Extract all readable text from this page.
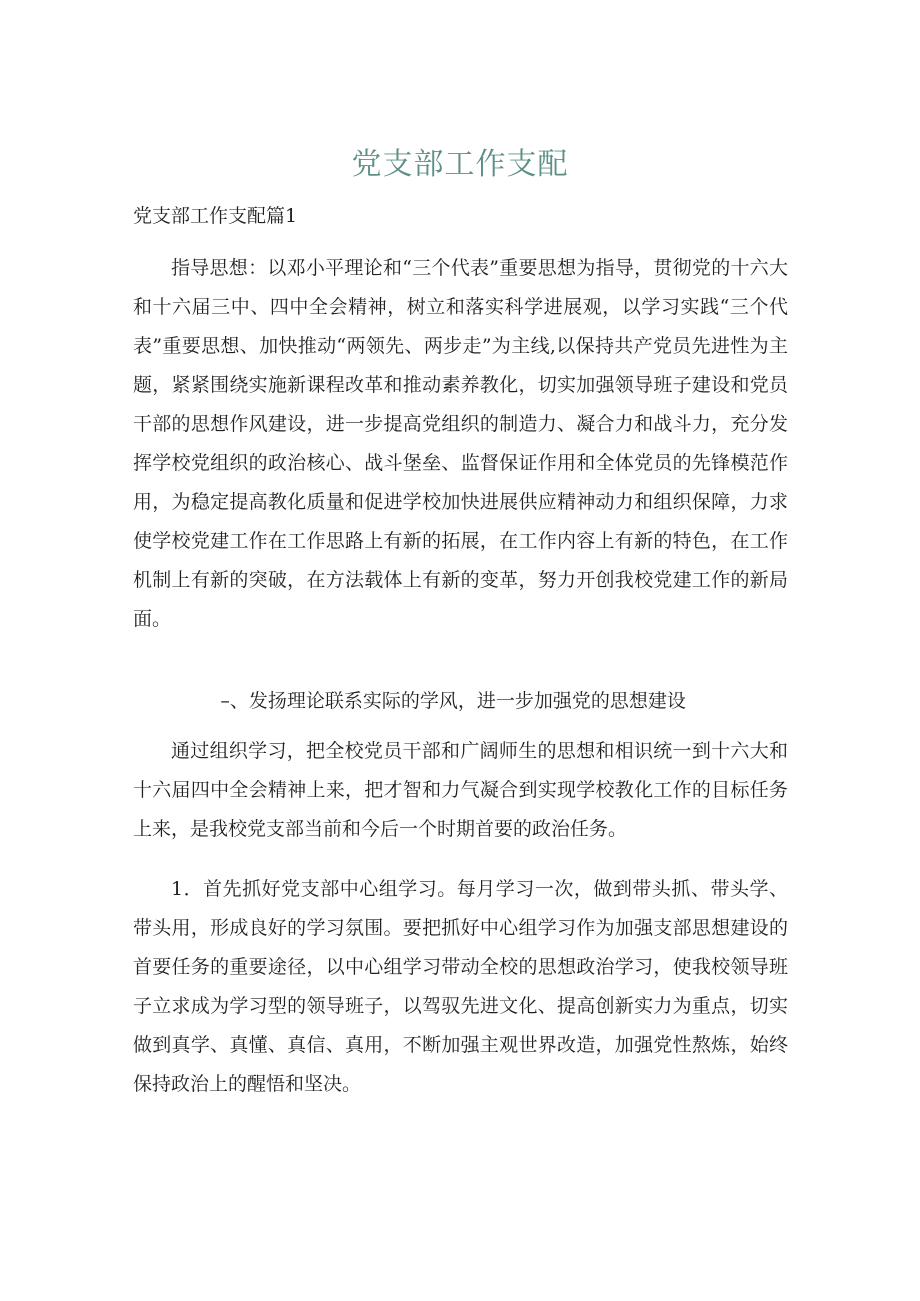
党支部工作支配

党支部工作支配篇1

指导思想：以邓小平理论和“三个代表”重要思想为指导，贯彻党的十六大和十六届三中、四中全会精神，树立和落实科学进展观，以学习实践“三个代表”重要思想、加快推动“两领先、两步走”为主线,以保持共产党员先进性为主题，紧紧围绕实施新课程改革和推动素养教化，切实加强领导班子建设和党员干部的思想作风建设，进一步提高党组织的制造力、凝合力和战斗力，充分发挥学校党组织的政治核心、战斗堡垒、监督保证作用和全体党员的先锋模范作用，为稳定提高教化质量和促进学校加快进展供应精神动力和组织保障，力求使学校党建工作在工作思路上有新的拓展，在工作内容上有新的特色，在工作机制上有新的突破，在方法载体上有新的变革，努力开创我校党建工作的新局面。

–、发扬理论联系实际的学风，进一步加强党的思想建设

通过组织学习，把全校党员干部和广阔师生的思想和相识统一到十六大和十六届四中全会精神上来，把才智和力气凝合到实现学校教化工作的目标任务上来，是我校党支部当前和今后一个时期首要的政治任务。

1．首先抓好党支部中心组学习。每月学习一次，做到带头抓、带头学、带头用，形成良好的学习氛围。要把抓好中心组学习作为加强支部思想建设的首要任务的重要途径，以中心组学习带动全校的思想政治学习，使我校领导班子立求成为学习型的领导班子，以驾驭先进文化、提高创新实力为重点，切实做到真学、真懂、真信、真用，不断加强主观世界改造，加强党性熬炼，始终保持政治上的醒悟和坚决。
